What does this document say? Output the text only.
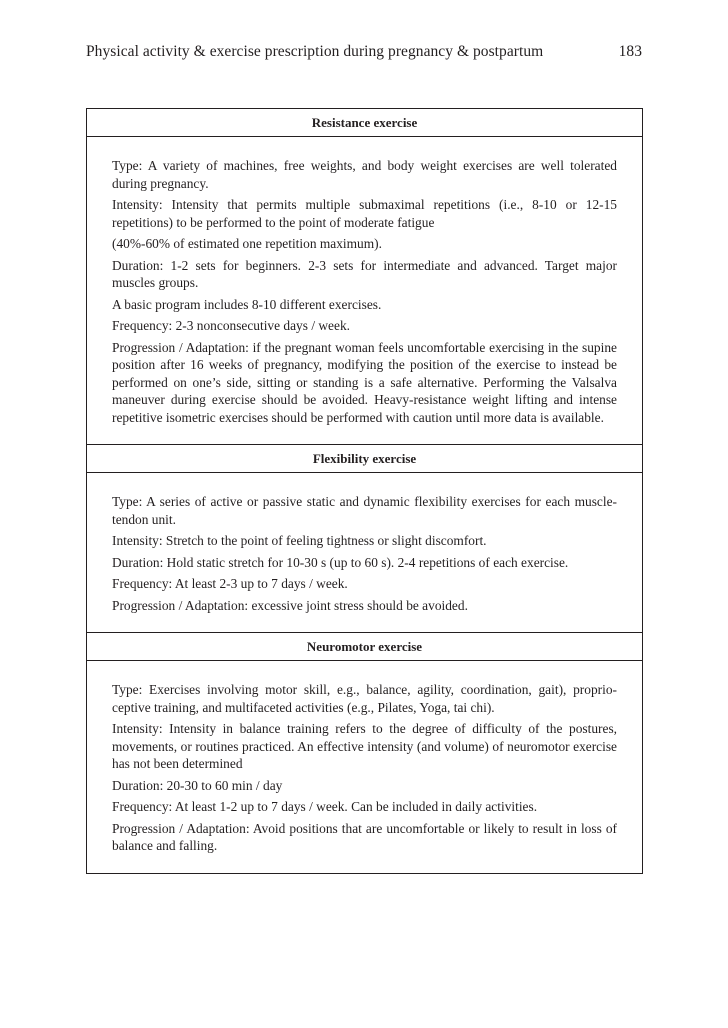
Physical activity & exercise prescription during pregnancy & postpartum	183
Resistance exercise

Type: A variety of machines, free weights, and body weight exercises are well tolerated during pregnancy.

Intensity: Intensity that permits multiple submaximal repetitions (i.e., 8-10 or 12-15 repetitions) to be performed to the point of moderate fatigue

(40%-60% of estimated one repetition maximum).

Duration: 1-2 sets for beginners. 2-3 sets for intermediate and advanced. Target major muscles groups.

A basic program includes 8-10 different exercises.

Frequency: 2-3 nonconsecutive days / week.

Progression / Adaptation: if the pregnant woman feels uncomfortable exercising in the supine position after 16 weeks of pregnancy, modifying the position of the exercise to instead be performed on one’s side, sitting or standing is a safe alternative. Performing the Valsalva maneuver during exercise should be avoided. Heavy-resistance weight lifting and intense repetitive isometric exercises should be performed with caution until more data is available.

Flexibility exercise

Type: A series of active or passive static and dynamic flexibility exercises for each muscle-tendon unit.

Intensity: Stretch to the point of feeling tightness or slight discomfort.

Duration: Hold static stretch for 10-30 s (up to 60 s). 2-4 repetitions of each exercise.

Frequency: At least 2-3 up to 7 days / week.

Progression / Adaptation: excessive joint stress should be avoided.

Neuromotor exercise

Type: Exercises involving motor skill, e.g., balance, agility, coordination, gait), proprioceptive training, and multifaceted activities (e.g., Pilates, Yoga, tai chi).

Intensity: Intensity in balance training refers to the degree of difficulty of the postures, movements, or routines practiced. An effective intensity (and volume) of neuromotor exercise has not been determined

Duration: 20-30 to 60 min / day

Frequency: At least 1-2 up to 7 days / week. Can be included in daily activities.

Progression / Adaptation: Avoid positions that are uncomfortable or likely to result in loss of balance and falling.
